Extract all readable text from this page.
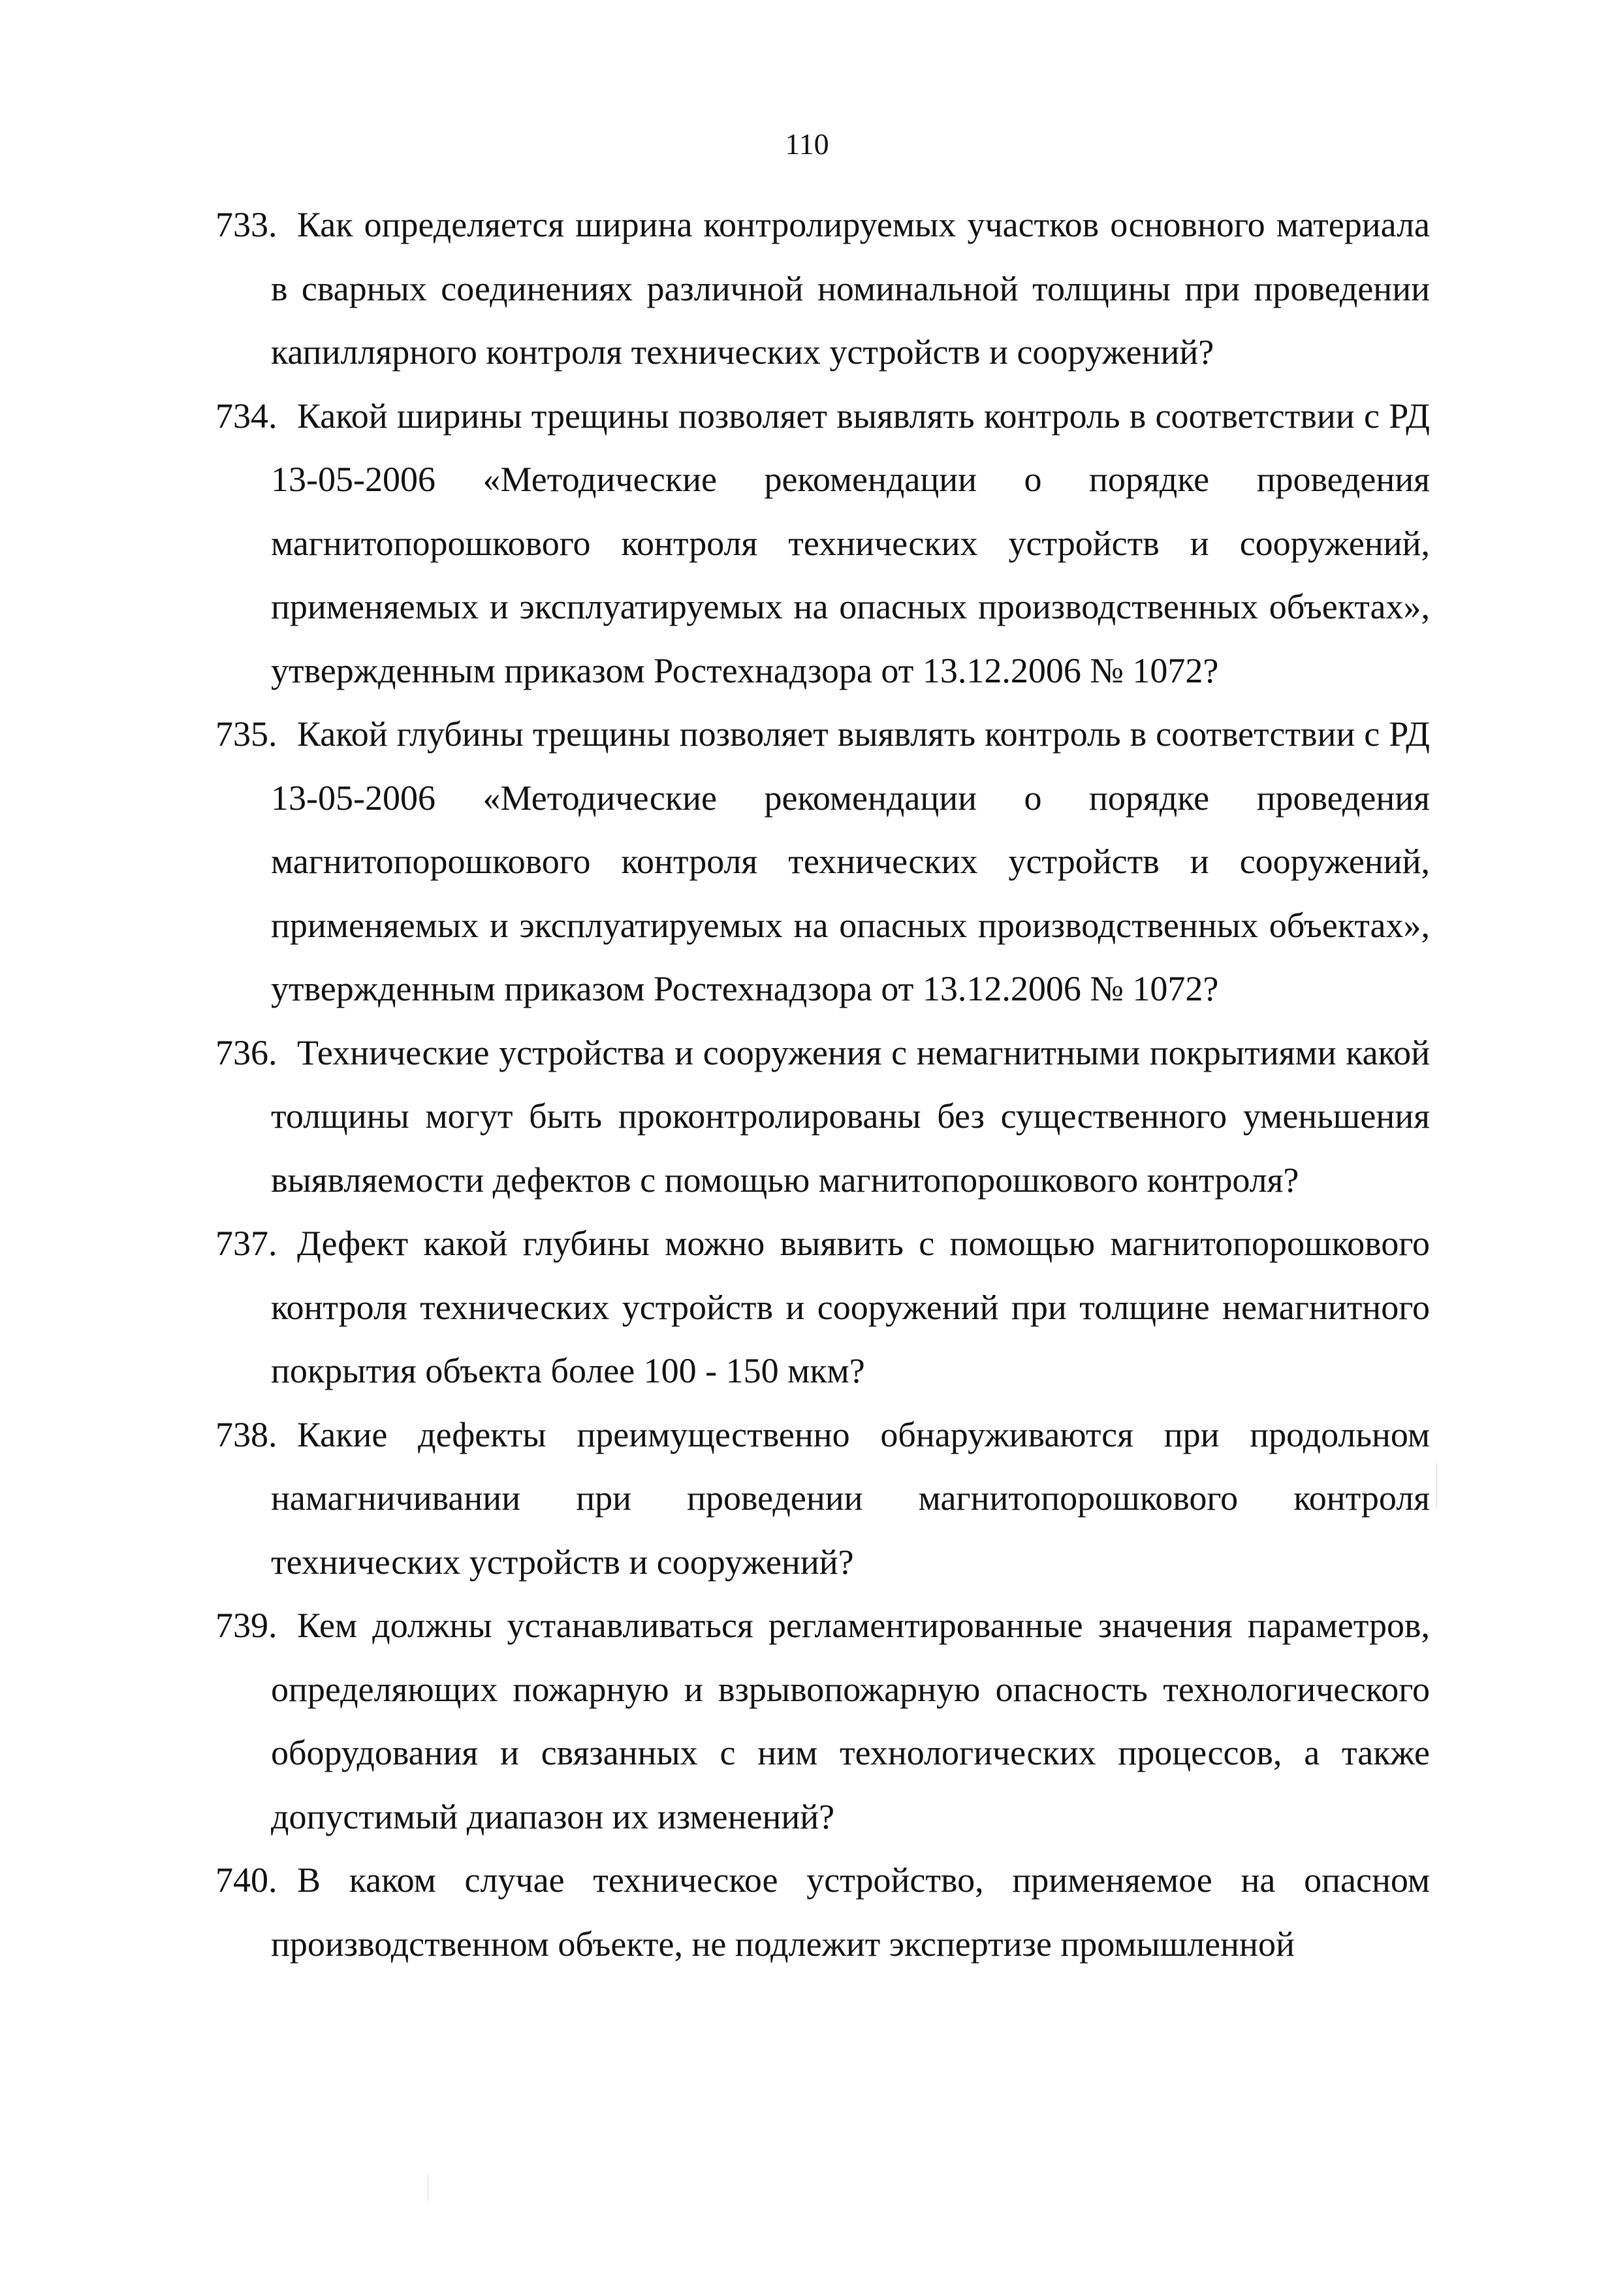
110
733. Как определяется ширина контролируемых участков основного материала в сварных соединениях различной номинальной толщины при проведении капиллярного контроля технических устройств и сооружений?
734. Какой ширины трещины позволяет выявлять контроль в соответствии с РД 13-05-2006 «Методические рекомендации о порядке проведения магнитопорошкового контроля технических устройств и сооружений, применяемых и эксплуатируемых на опасных производственных объектах», утвержденным приказом Ростехнадзора от 13.12.2006 № 1072?
735. Какой глубины трещины позволяет выявлять контроль в соответствии с РД 13-05-2006 «Методические рекомендации о порядке проведения магнитопорошкового контроля технических устройств и сооружений, применяемых и эксплуатируемых на опасных производственных объектах», утвержденным приказом Ростехнадзора от 13.12.2006 № 1072?
736. Технические устройства и сооружения с немагнитными покрытиями какой толщины могут быть проконтролированы без существенного уменьшения выявляемости дефектов с помощью магнитопорошкового контроля?
737. Дефект какой глубины можно выявить с помощью магнитопорошкового контроля технических устройств и сооружений при толщине немагнитного покрытия объекта более 100 - 150 мкм?
738. Какие дефекты преимущественно обнаруживаются при продольном намагничивании при проведении магнитопорошкового контроля технических устройств и сооружений?
739. Кем должны устанавливаться регламентированные значения параметров, определяющих пожарную и взрывопожарную опасность технологического оборудования и связанных с ним технологических процессов, а также допустимый диапазон их изменений?
740. В каком случае техническое устройство, применяемое на опасном производственном объекте, не подлежит экспертизе промышленной
